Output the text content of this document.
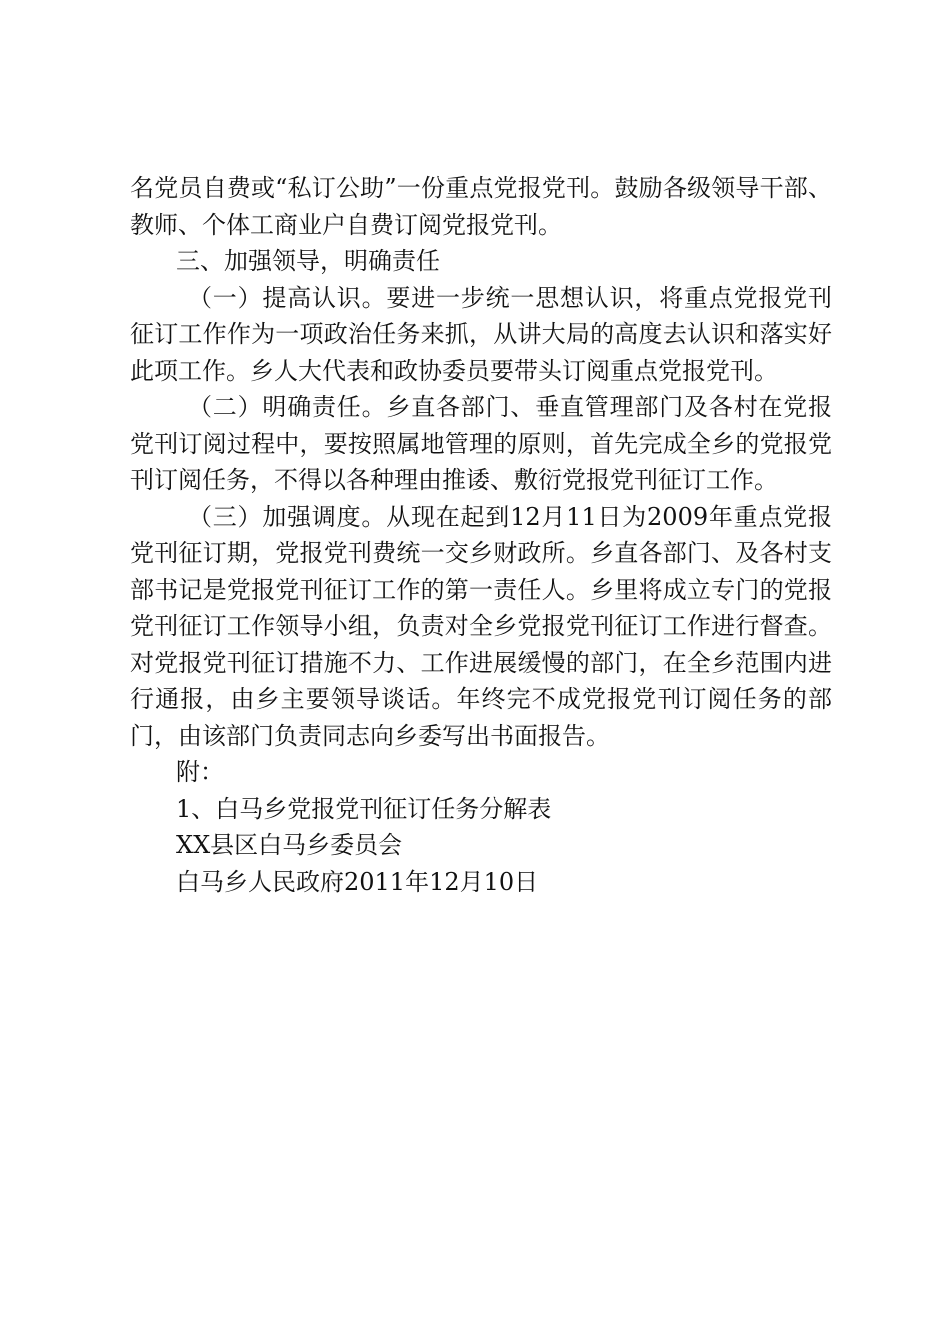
名党员自费或“私订公助”一份重点党报党刊。鼓励各级领导干部、教师、个体工商业户自费订阅党报党刊。

三、加强领导，明确责任

（一）提高认识。要进一步统一思想认识，将重点党报党刊征订工作作为一项政治任务来抓，从讲大局的高度去认识和落实好此项工作。乡人大代表和政协委员要带头订阅重点党报党刊。

（二）明确责任。乡直各部门、垂直管理部门及各村在党报党刊订阅过程中，要按照属地管理的原则，首先完成全乡的党报党刊订阅任务，不得以各种理由推诿、敷衍党报党刊征订工作。

（三）加强调度。从现在起到12月11日为2009年重点党报党刊征订期，党报党刊费统一交乡财政所。乡直各部门、及各村支部书记是党报党刊征订工作的第一责任人。乡里将成立专门的党报党刊征订工作领导小组，负责对全乡党报党刊征订工作进行督查。对党报党刊征订措施不力、工作进展缓慢的部门，在全乡范围内进行通报，由乡主要领导谈话。年终完不成党报党刊订阅任务的部门，由该部门负责同志向乡委写出书面报告。

附：

1、白马乡党报党刊征订任务分解表

XX县区白马乡委员会

白马乡人民政府2011年12月10日
